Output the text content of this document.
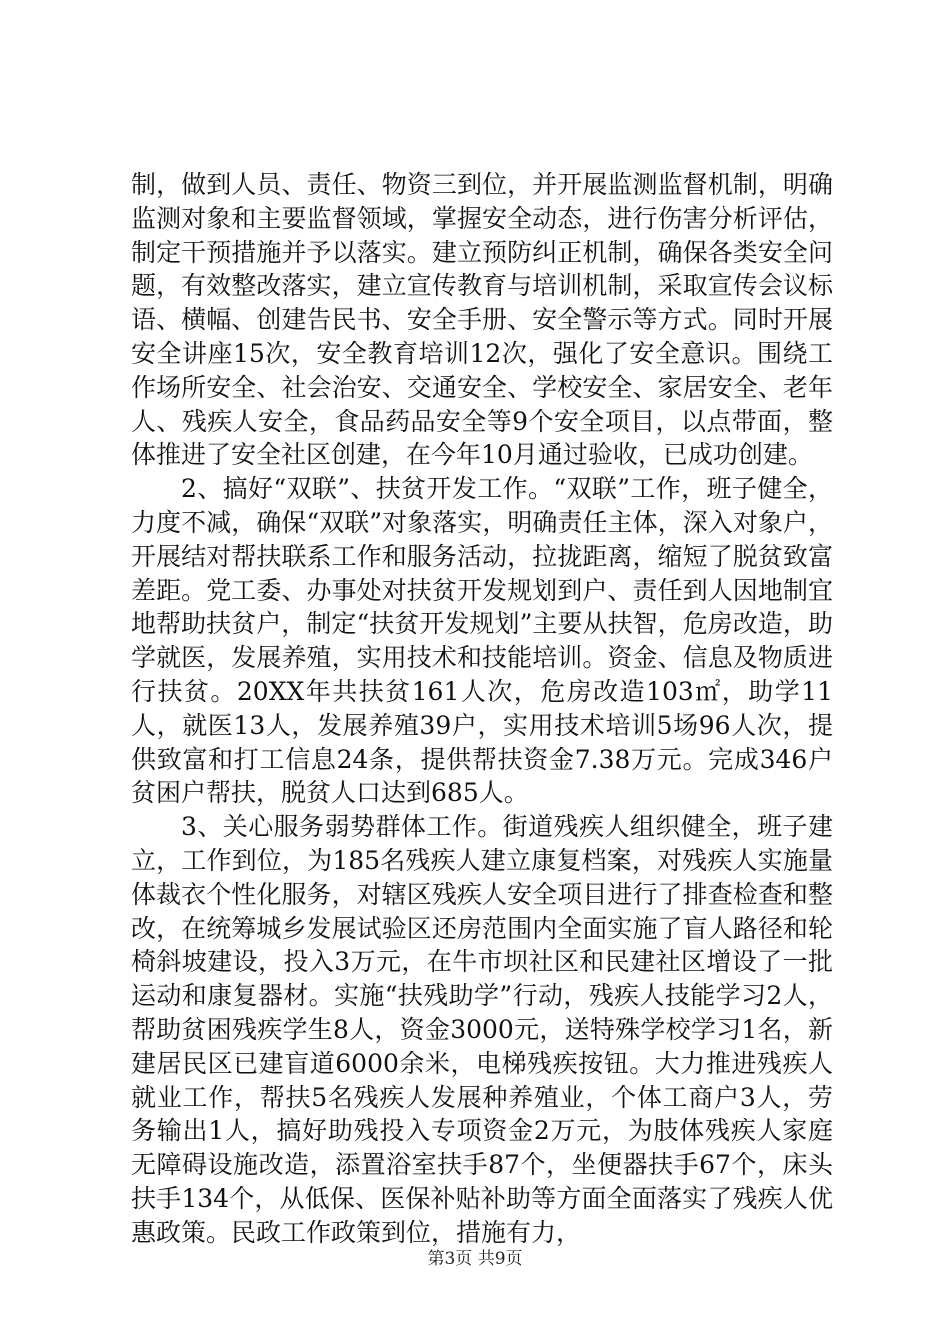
制，做到人员、责任、物资三到位，并开展监测监督机制，明确监测对象和主要监督领域，掌握安全动态，进行伤害分析评估，制定干预措施并予以落实。建立预防纠正机制，确保各类安全问题，有效整改落实，建立宣传教育与培训机制，采取宣传会议标语、横幅、创建告民书、安全手册、安全警示等方式。同时开展安全讲座15次，安全教育培训12次，强化了安全意识。围绕工作场所安全、社会治安、交通安全、学校安全、家居安全、老年人、残疾人安全，食品药品安全等9个安全项目，以点带面，整体推进了安全社区创建，在今年10月通过验收，已成功创建。

2、搞好“双联”、扶贫开发工作。“双联”工作，班子健全，力度不减，确保“双联”对象落实，明确责任主体，深入对象户，开展结对帮扶联系工作和服务活动，拉拢距离，缩短了脱贫致富差距。党工委、办事处对扶贫开发规划到户、责任到人因地制宜地帮助扶贫户，制定“扶贫开发规划”主要从扶智，危房改造，助学就医，发展养殖，实用技术和技能培训。资金、信息及物质进行扶贫。20XX年共扶贫161人次，危房改造103㎡，助学11人，就医13人，发展养殖39户，实用技术培训5场96人次，提供致富和打工信息24条，提供帮扶资金7.38万元。完成346户贫困户帮扶，脱贫人口达到685人。

3、关心服务弱势群体工作。街道残疾人组织健全，班子建立，工作到位，为185名残疾人建立康复档案，对残疾人实施量体裁衣个性化服务，对辖区残疾人安全项目进行了排查检查和整改，在统筹城乡发展试验区还房范围内全面实施了盲人路径和轮椅斜坡建设，投入3万元，在牛市坝社区和民建社区增设了一批运动和康复器材。实施“扶残助学”行动，残疾人技能学习2人，帮助贫困残疾学生8人，资金3000元，送特殊学校学习1名，新建居民区已建盲道6000余米，电梯残疾按钮。大力推进残疾人就业工作，帮扶5名残疾人发展种养殖业，个体工商户3人，劳务输出1人，搞好助残投入专项资金2万元，为肢体残疾人家庭无障碍设施改造，添置浴室扶手87个，坐便器扶手67个，床头扶手134个，从低保、医保补贴补助等方面全面落实了残疾人优惠政策。民政工作政策到位，措施有力，

第3页 共9页
